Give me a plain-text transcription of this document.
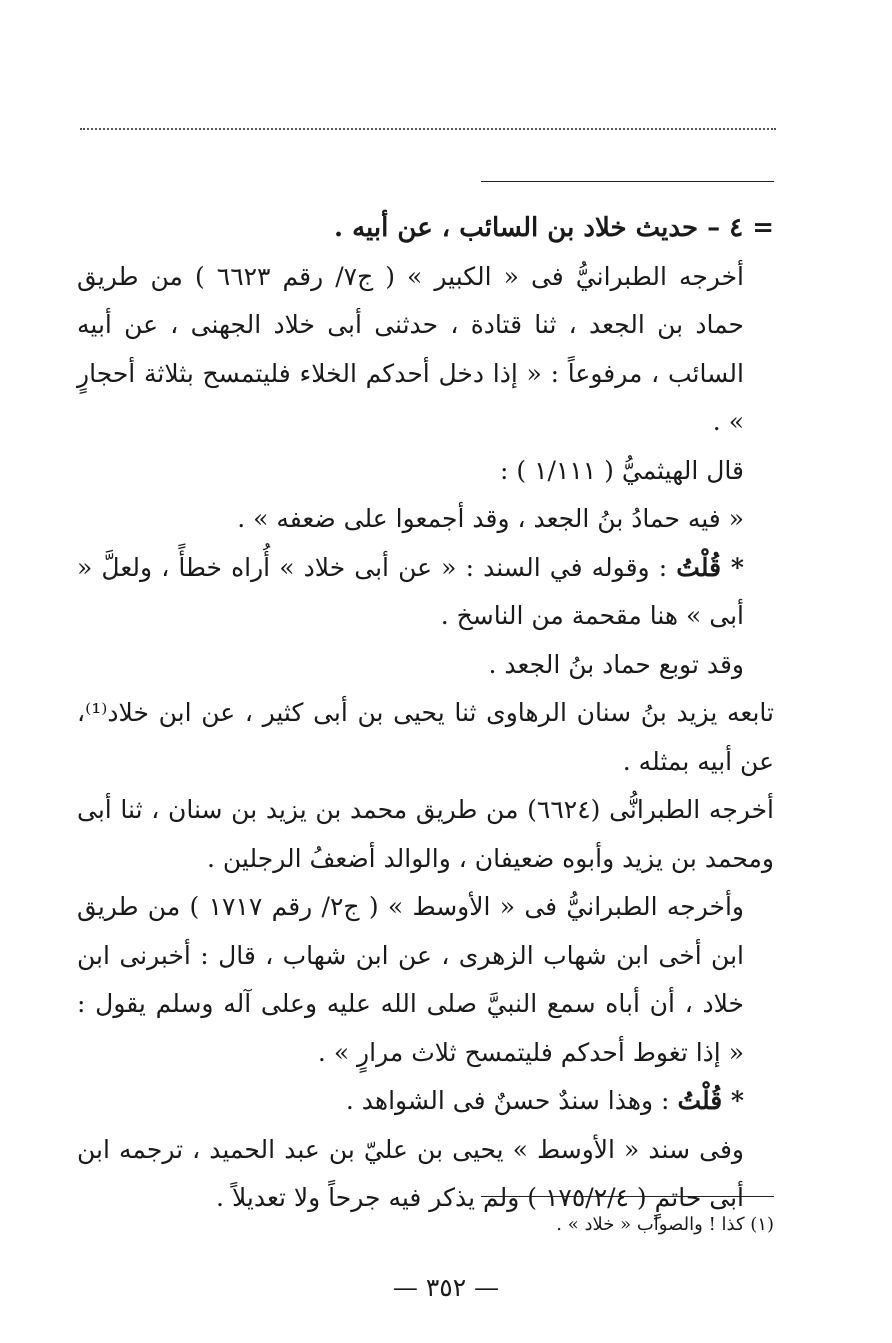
= ٤ – حديث خلاد بن السائب ، عن أبيه .

أخرجه الطبرانيُّ فى « الكبير » ( ج٧/ رقم ٦٦٢٣ ) من طريق حماد بن الجعد ، ثنا قتادة ، حدثنى أبى خلاد الجهنى ، عن أبيه السائب ، مرفوعاً : « إذا دخل أحدكم الخلاء فليتمسح بثلاثة أحجارٍ » .

قال الهيثميُّ ( ١/١١١ ) :

« فيه حمادُ بنُ الجعد ، وقد أجمعوا على ضعفه » .

* قُلْتُ : وقوله في السند : « عن أبى خلاد » أُراه خطأً ، ولعلَّ « أبى » هنا مقحمة من الناسخ .

وقد توبع حماد بنُ الجعد .

تابعه يزيد بنُ سنان الرهاوى ثنا يحيى بن أبى كثير ، عن ابن خلاد⁽¹⁾، عن أبيه بمثله .

أخرجه الطبرانُّى (٦٦٢٤) من طريق محمد بن يزيد بن سنان ، ثنا أبى ومحمد بن يزيد وأبوه ضعيفان ، والوالد أضعفُ الرجلين .

وأخرجه الطبرانيُّ فى « الأوسط » ( ج٢/ رقم ١٧١٧ ) من طريق ابن أخى ابن شهاب الزهرى ، عن ابن شهاب ، قال : أخبرنى ابن خلاد ، أن أباه سمع النبيَّ صلى الله عليه وعلى آله وسلم يقول : « إذا تغوط أحدكم فليتمسح ثلاث مرارٍ » .

* قُلْتُ : وهذا سندٌ حسنٌ فى الشواهد .

وفى سند « الأوسط » يحيى بن عليّ بن عبد الحميد ، ترجمه ابن أبى حاتمٍ ( ١٧٥/٢/٤ ) ولم يذكر فيه جرحاً ولا تعديلاً .

(١) كذا ! والصواب « خلاد » .
— ٣٥٢ —
